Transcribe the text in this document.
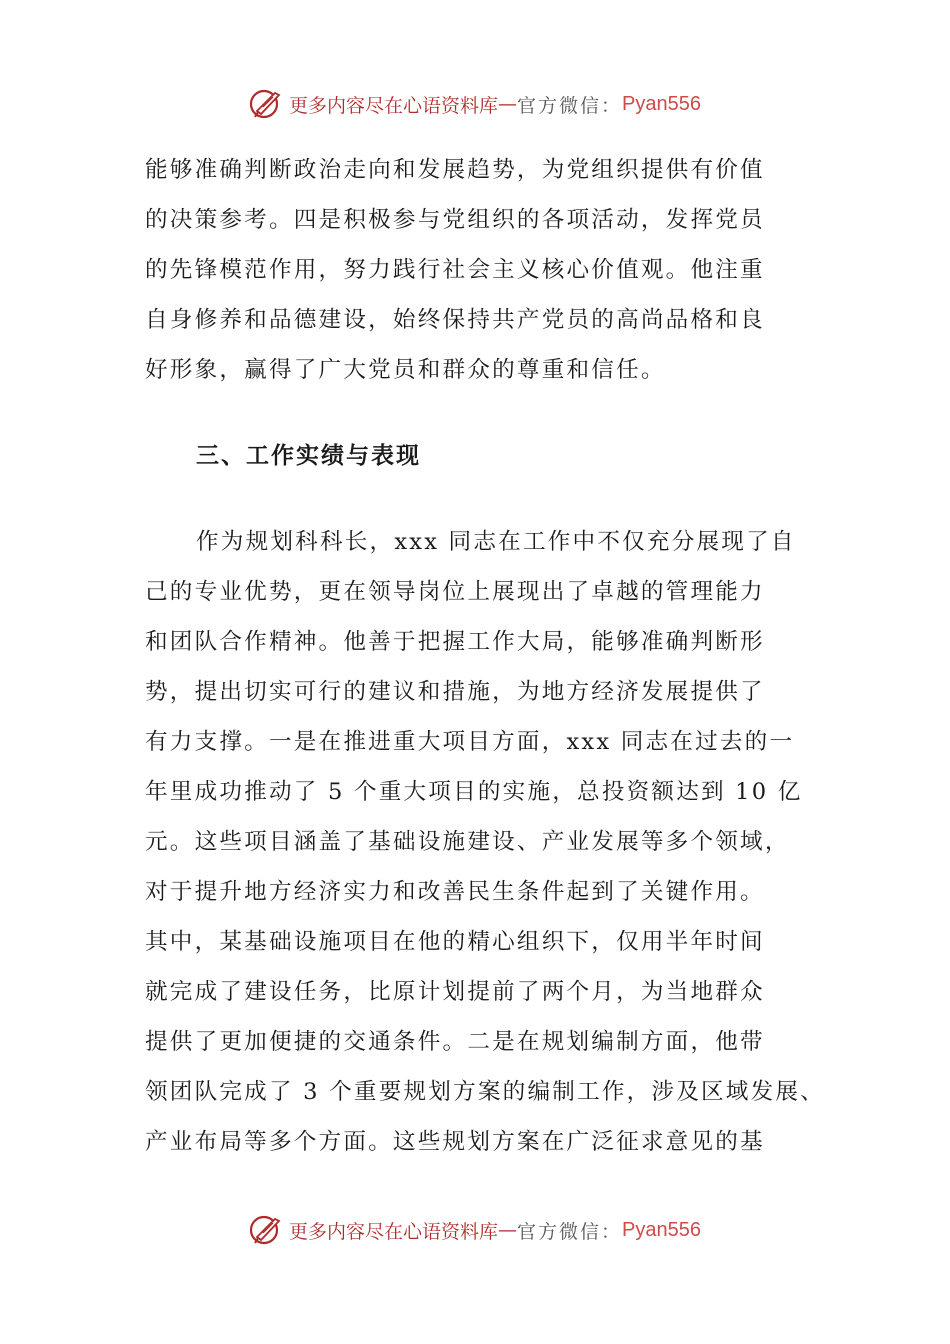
更多内容尽在心语资料库 — 官方微信： Pyan556
能够准确判断政治走向和发展趋势，为党组织提供有价值
的决策参考。四是积极参与党组织的各项活动，发挥党员
的先锋模范作用，努力践行社会主义核心价值观。他注重
自身修养和品德建设，始终保持共产党员的高尚品格和良
好形象，赢得了广大党员和群众的尊重和信任。
三、工作实绩与表现
作为规划科科长，xxx 同志在工作中不仅充分展现了自
己的专业优势，更在领导岗位上展现出了卓越的管理能力
和团队合作精神。他善于把握工作大局，能够准确判断形
势，提出切实可行的建议和措施，为地方经济发展提供了
有力支撑。一是在推进重大项目方面，xxx 同志在过去的一
年里成功推动了 5 个重大项目的实施，总投资额达到 10 亿
元。这些项目涵盖了基础设施建设、产业发展等多个领域，
对于提升地方经济实力和改善民生条件起到了关键作用。
其中，某基础设施项目在他的精心组织下，仅用半年时间
就完成了建设任务，比原计划提前了两个月，为当地群众
提供了更加便捷的交通条件。二是在规划编制方面，他带
领团队完成了 3 个重要规划方案的编制工作，涉及区域发展、
产业布局等多个方面。这些规划方案在广泛征求意见的基
更多内容尽在心语资料库 — 官方微信： Pyan556
